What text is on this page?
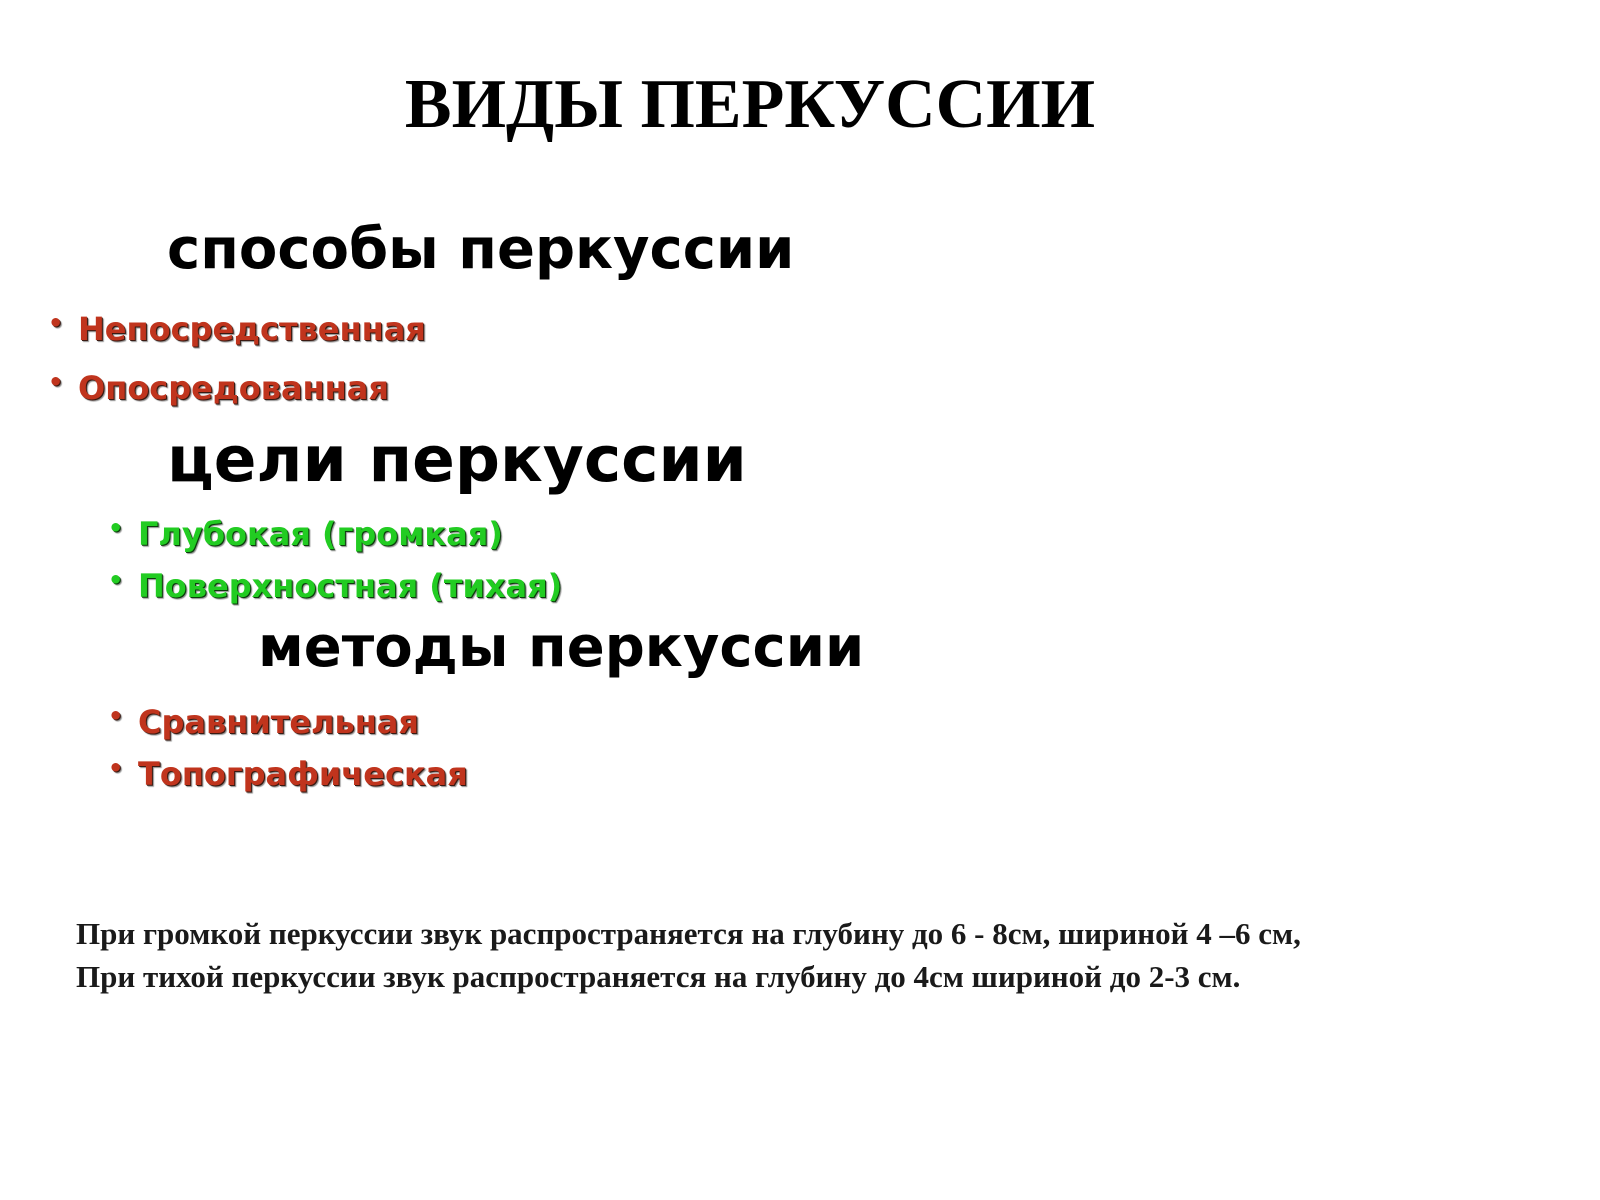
ВИДЫ ПЕРКУССИИ
способы перкуссии
• Непосредственная
• Опосредованная
цели перкуссии
• Глубокая (громкая)
• Поверхностная (тихая)
методы перкуссии
• Сравнительная
• Топографическая
При громкой перкуссии звук распространяется на глубину до 6 - 8см, шириной 4 –6 см,
При тихой перкуссии звук распространяется на глубину до 4см шириной до 2-3 см.
